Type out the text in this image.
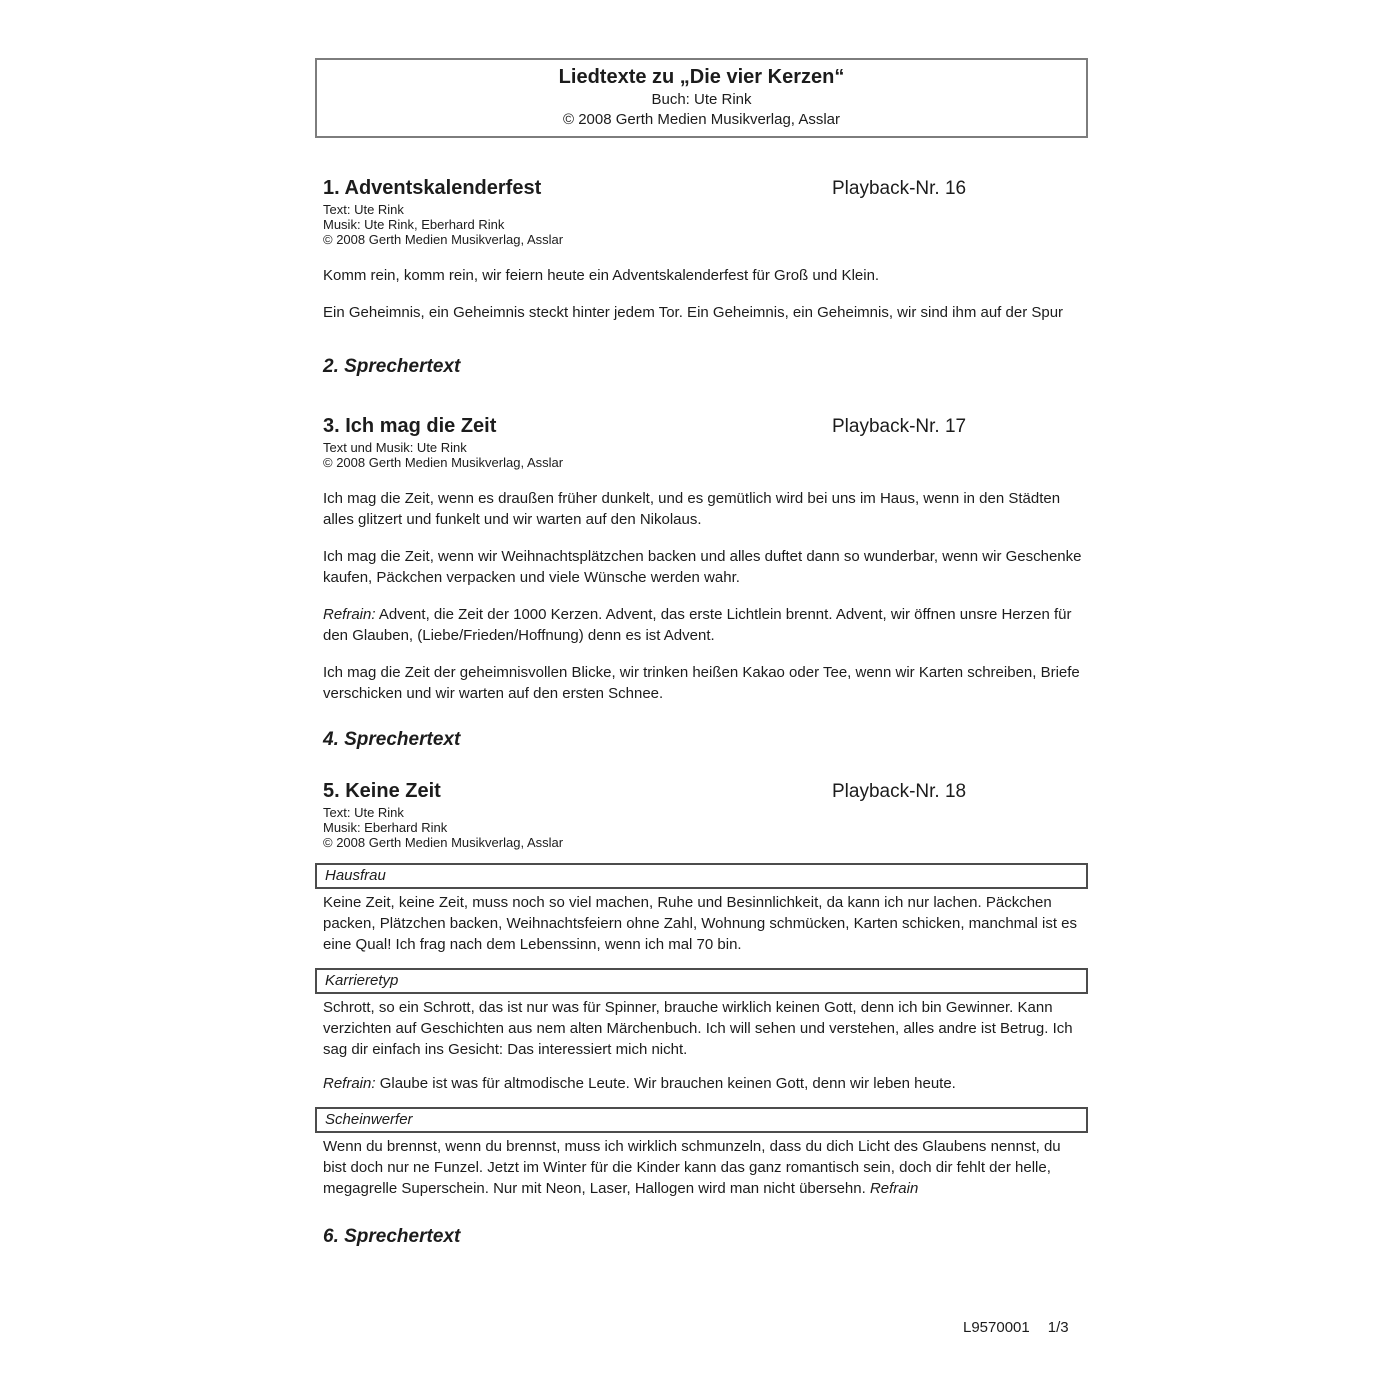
Liedtexte zu „Die vier Kerzen“
Buch: Ute Rink
© 2008 Gerth Medien Musikverlag, Asslar
1. Adventskalenderfest	Playback-Nr. 16
Text: Ute Rink
Musik: Ute Rink, Eberhard Rink
© 2008 Gerth Medien Musikverlag, Asslar

Komm rein, komm rein, wir feiern heute ein Adventskalenderfest für Groß und Klein.

Ein Geheimnis, ein Geheimnis steckt hinter jedem Tor. Ein Geheimnis, ein Geheimnis, wir sind ihm auf der Spur

2. Sprechertext
3. Ich mag die Zeit	Playback-Nr. 17
Text und Musik: Ute Rink
© 2008 Gerth Medien Musikverlag, Asslar

Ich mag die Zeit, wenn es draußen früher dunkelt, und es gemütlich wird bei uns im Haus, wenn in den Städten alles glitzert und funkelt und wir warten auf den Nikolaus.

Ich mag die Zeit, wenn wir Weihnachtsplätzchen backen und alles duftet dann so wunderbar, wenn wir Geschenke kaufen, Päckchen verpacken und viele Wünsche werden wahr.

Refrain: Advent, die Zeit der 1000 Kerzen. Advent, das erste Lichtlein brennt. Advent, wir öffnen unsre Herzen für den Glauben, (Liebe/Frieden/Hoffnung) denn es ist Advent.

Ich mag die Zeit der geheimnisvollen Blicke, wir trinken heißen Kakao oder Tee, wenn wir Karten schreiben, Briefe verschicken und wir warten auf den ersten Schnee.

4. Sprechertext
5. Keine Zeit	Playback-Nr. 18
Text: Ute Rink
Musik: Eberhard Rink
© 2008 Gerth Medien Musikverlag, Asslar
Hausfrau

Keine Zeit, keine Zeit, muss noch so viel machen, Ruhe und Besinnlichkeit, da kann ich nur lachen. Päckchen packen, Plätzchen backen, Weihnachtsfeiern ohne Zahl, Wohnung schmücken, Karten schicken, manchmal ist es eine Qual! Ich frag nach dem Lebenssinn, wenn ich mal 70 bin.

Karrieretyp

Schrott, so ein Schrott, das ist nur was für Spinner, brauche wirklich keinen Gott, denn ich bin Gewinner. Kann verzichten auf Geschichten aus nem alten Märchenbuch. Ich will sehen und verstehen, alles andre ist Betrug. Ich sag dir einfach ins Gesicht: Das interessiert mich nicht.

Refrain: Glaube ist was für altmodische Leute. Wir brauchen keinen Gott, denn wir leben heute.

Scheinwerfer

Wenn du brennst, wenn du brennst, muss ich wirklich schmunzeln, dass du dich Licht des Glaubens nennst, du bist doch nur ne Funzel. Jetzt im Winter für die Kinder kann das ganz romantisch sein, doch dir fehlt der helle, megagrelle Superschein. Nur mit Neon, Laser, Hallogen wird man nicht übersehn. Refrain

6. Sprechertext
L9570001 1/3
